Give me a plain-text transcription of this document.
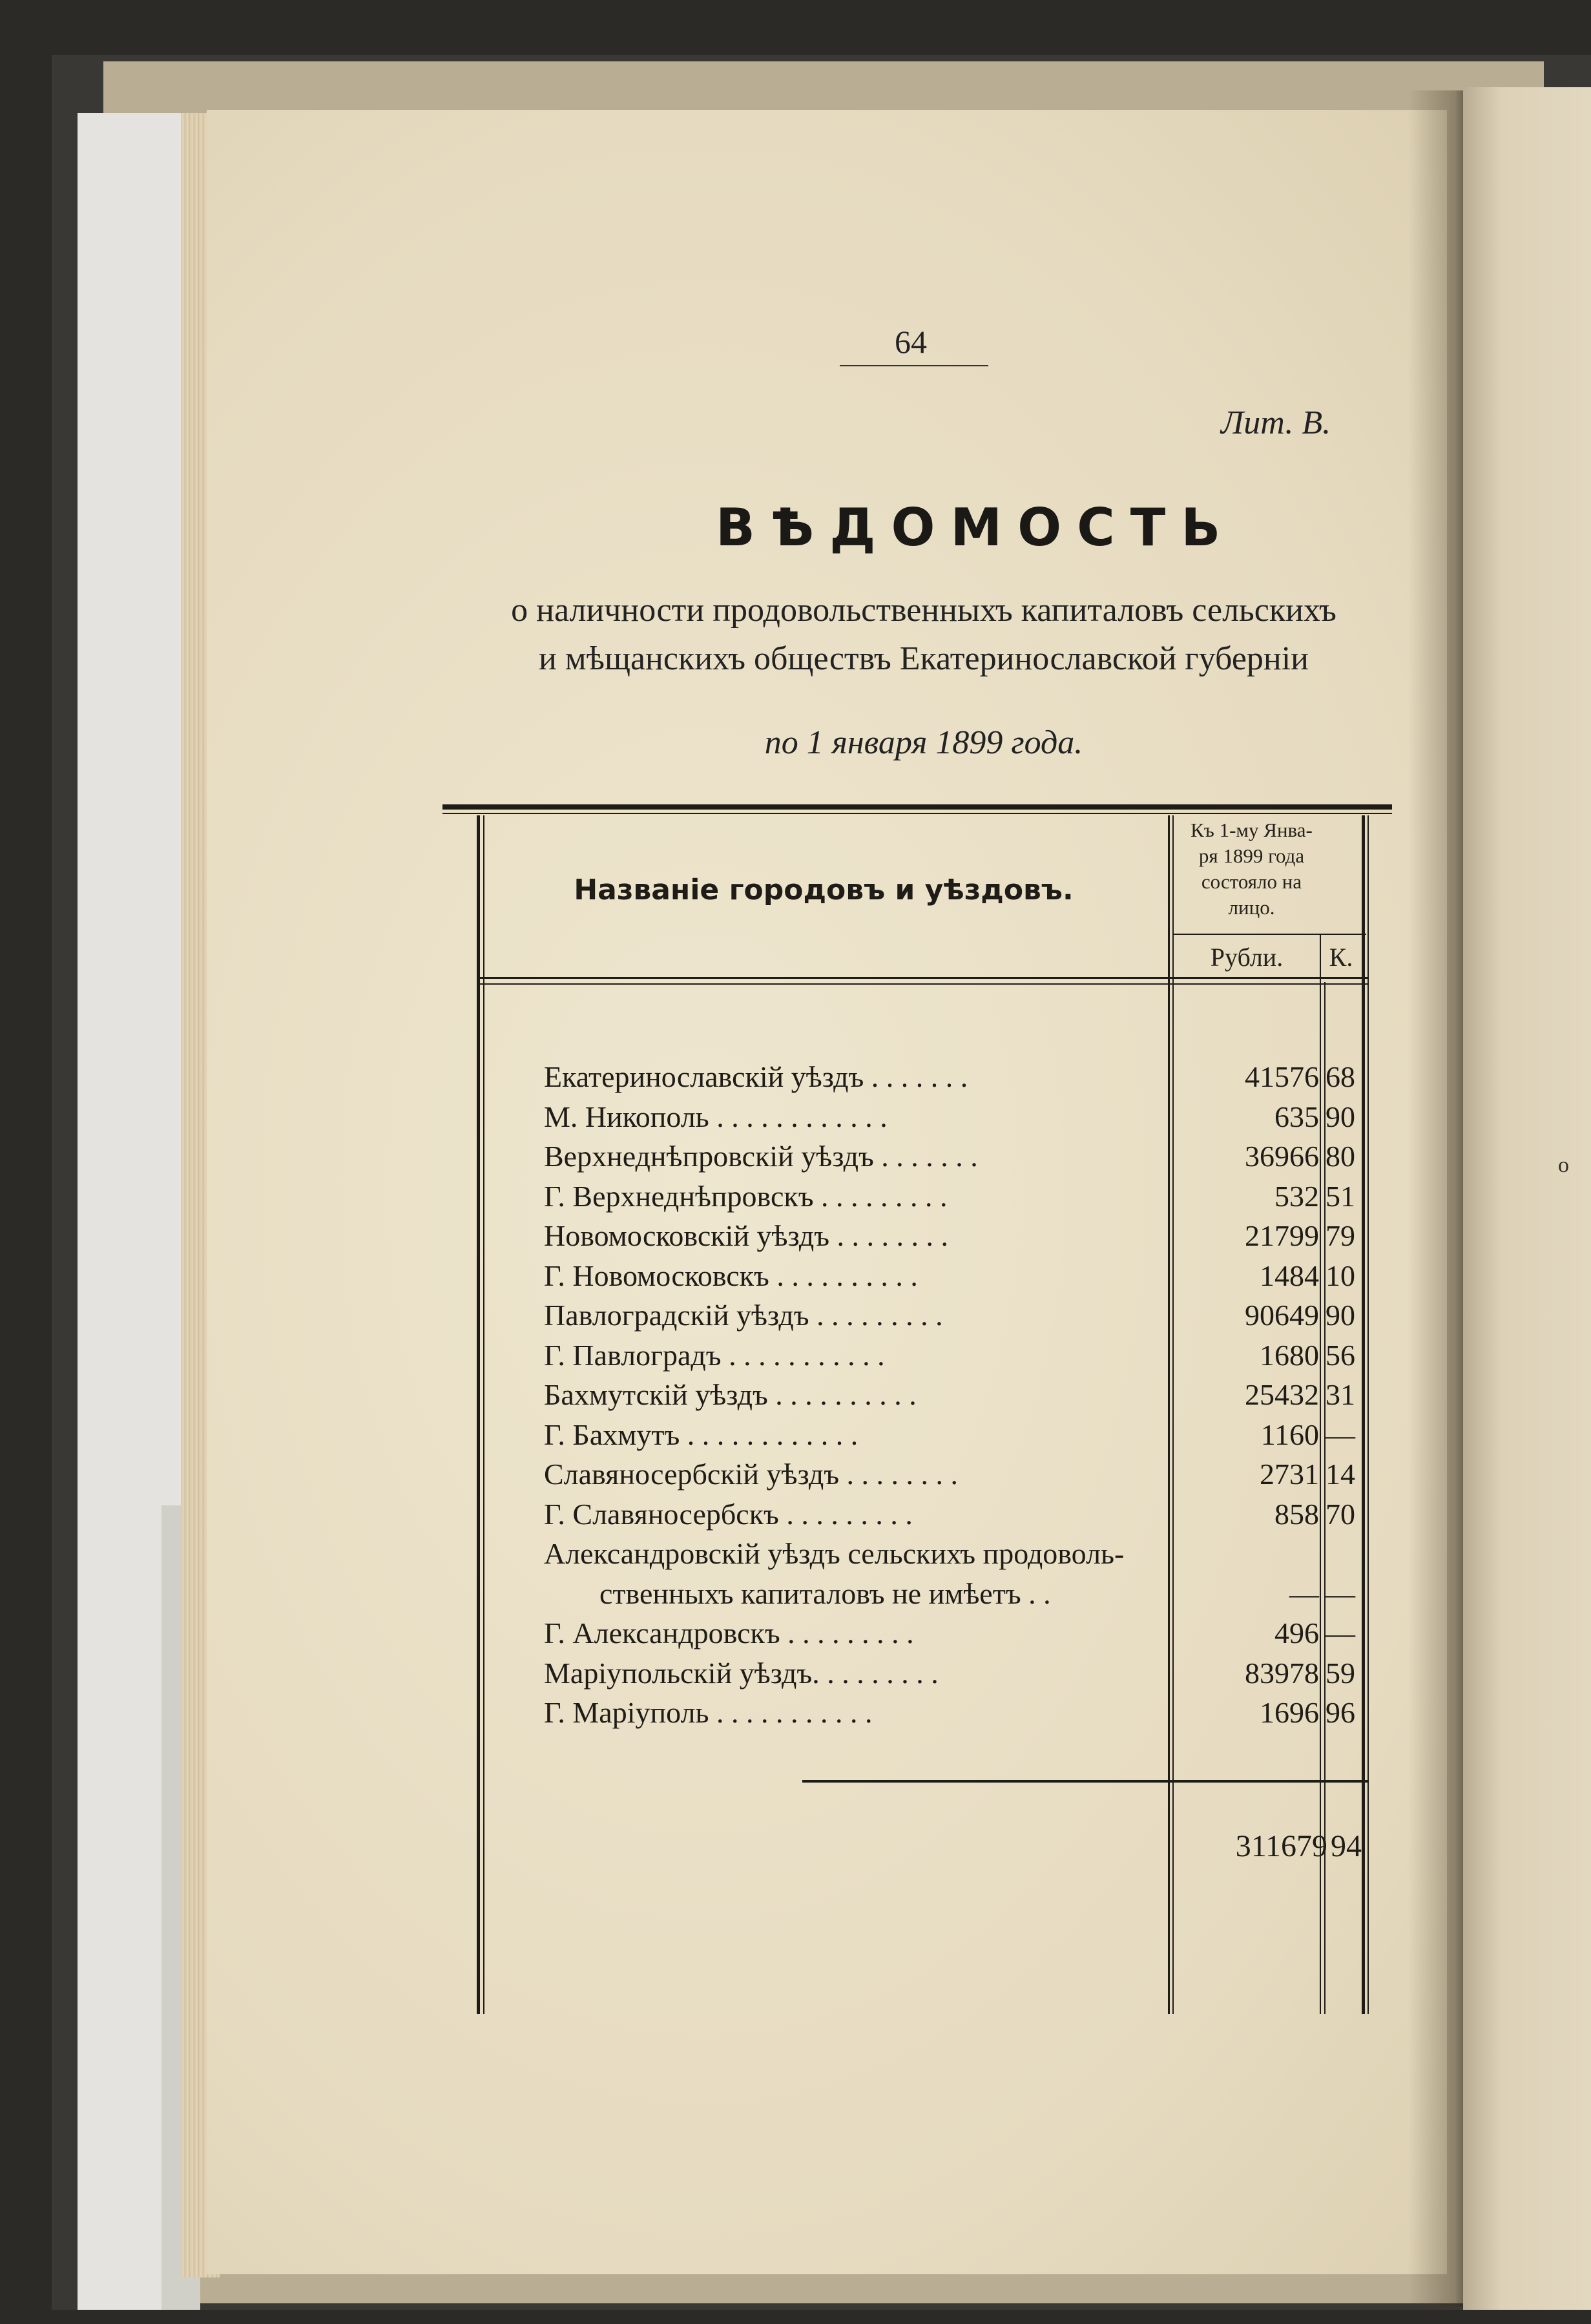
о
64
Лит. В.
ВѢДОМОСТЬ
о наличности продовольственныхъ капиталовъ сельскихъ
и мѣщанскихъ обществъ Екатеринославской губерніи
по 1 января 1899 года.
Названіе городовъ и уѣздовъ.
Къ 1-му Янва-
ря 1899 года
состояло на
лицо.
Рубли.	К.
Екатеринославскій уѣздъ . . . . . . .	41576 68
М. Никополь . . . . . . . . . . . .	635 90
Верхнеднѣпровскій уѣздъ . . . . . . .	36966 80
Г. Верхнеднѣпровскъ . . . . . . . . .	532 51
Новомосковскій уѣздъ . . . . . . . .	21799 79
Г. Новомосковскъ . . . . . . . . . .	1484 10
Павлоградскій уѣздъ . . . . . . . . .	90649 90
Г. Павлоградъ . . . . . . . . . . .	1680 56
Бахмутскій уѣздъ . . . . . . . . . .	25432 31
Г. Бахмутъ . . . . . . . . . . . .	1160 —
Славяносербскій уѣздъ . . . . . . . .	2731 14
Г. Славяносербскъ . . . . . . . . .	858 70
Александровскій уѣздъ сельскихъ продоволь-
ственныхъ капиталовъ не имѣетъ . .	— —
Г. Александровскъ . . . . . . . . .	496 —
Маріупольскій уѣздъ. . . . . . . . .	83978 59
Г. Маріуполь . . . . . . . . . . .	1696 96
311679 94
